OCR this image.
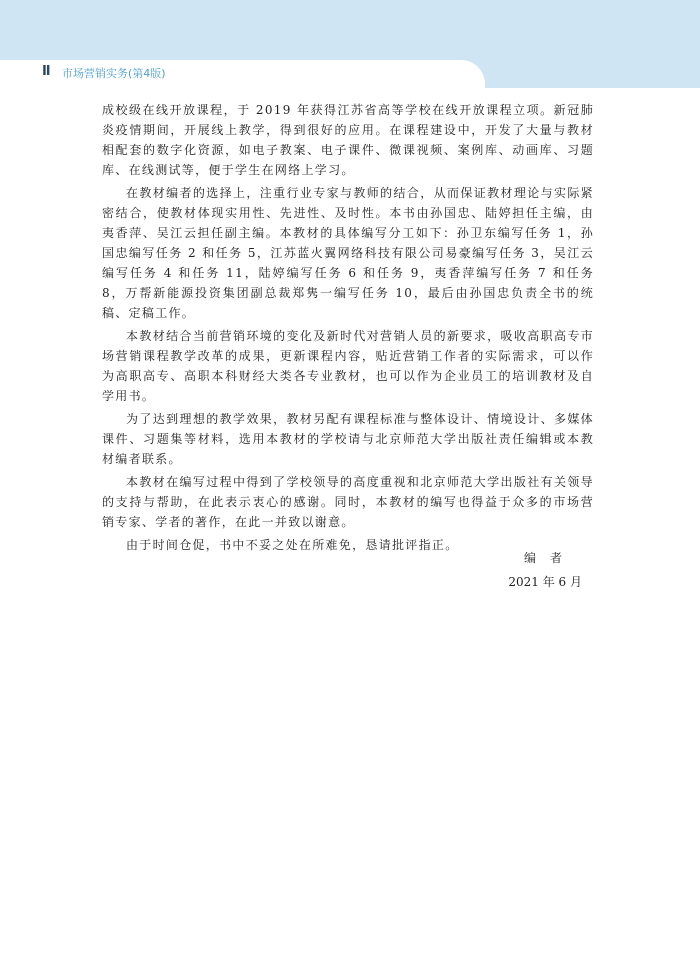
Ⅱ 市场营销实务(第4版)

成校级在线开放课程，于 2019 年获得江苏省高等学校在线开放课程立项。新冠肺炎疫情期间，开展线上教学，得到很好的应用。在课程建设中，开发了大量与教材相配套的数字化资源，如电子教案、电子课件、微课视频、案例库、动画库、习题库、在线测试等，便于学生在网络上学习。

在教材编者的选择上，注重行业专家与教师的结合，从而保证教材理论与实际紧密结合，使教材体现实用性、先进性、及时性。本书由孙国忠、陆婷担任主编，由夷香萍、吴江云担任副主编。本教材的具体编写分工如下：孙卫东编写任务 1，孙国忠编写任务 2 和任务 5，江苏蓝火翼网络科技有限公司易豪编写任务 3，吴江云编写任务 4 和任务 11，陆婷编写任务 6 和任务 9，夷香萍编写任务 7 和任务 8，万帮新能源投资集团副总裁郑隽一编写任务 10，最后由孙国忠负责全书的统稿、定稿工作。

本教材结合当前营销环境的变化及新时代对营销人员的新要求，吸收高职高专市场营销课程教学改革的成果，更新课程内容，贴近营销工作者的实际需求，可以作为高职高专、高职本科财经大类各专业教材，也可以作为企业员工的培训教材及自学用书。

为了达到理想的教学效果，教材另配有课程标准与整体设计、情境设计、多媒体课件、习题集等材料，选用本教材的学校请与北京师范大学出版社责任编辑或本教材编者联系。

本教材在编写过程中得到了学校领导的高度重视和北京师范大学出版社有关领导的支持与帮助，在此表示衷心的感谢。同时，本教材的编写也得益于众多的市场营销专家、学者的著作，在此一并致以谢意。

由于时间仓促，书中不妥之处在所难免，恳请批评指正。

编者
2021 年 6 月
